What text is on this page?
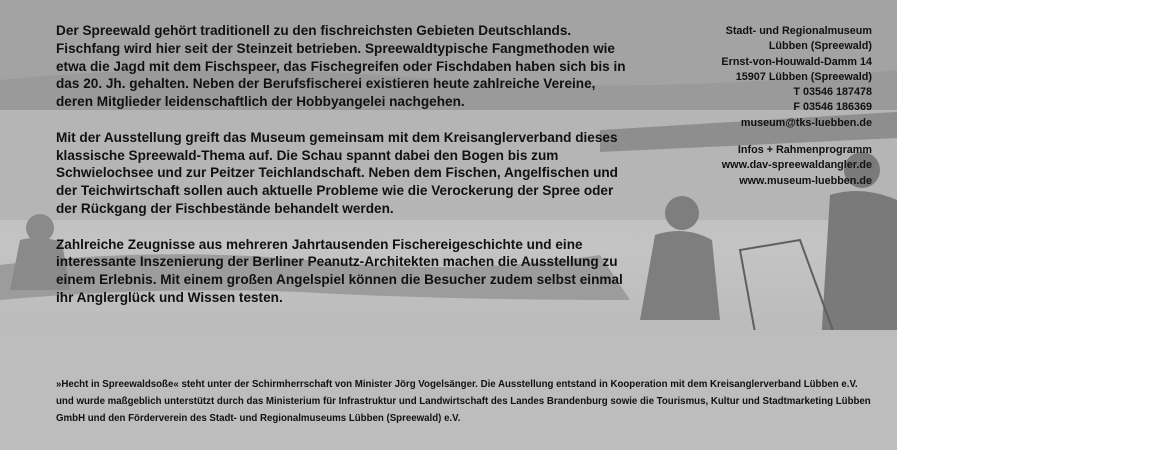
Der Spreewald gehört traditionell zu den fischreichsten Gebieten Deutschlands. Fischfang wird hier seit der Steinzeit betrieben. Spreewaldtypische Fangmethoden wie etwa die Jagd mit dem Fischspeer, das Fischegreifen oder Fischdaben haben sich bis in das 20. Jh. gehalten. Neben der Berufsfischerei existieren heute zahlreiche Vereine, deren Mitglieder leidenschaftlich der Hobbyangelei nachgehen.

Mit der Ausstellung greift das Museum gemeinsam mit dem Kreisanglerverband dieses klassische Spreewald-Thema auf. Die Schau spannt dabei den Bogen bis zum Schwielochsee und zur Peitzer Teichlandschaft. Neben dem Fischen, Angelfischen und der Teichwirtschaft sollen auch aktuelle Probleme wie die Verockerung der Spree oder der Rückgang der Fischbestände behandelt werden.

Zahlreiche Zeugnisse aus mehreren Jahrtausenden Fischereigeschichte und eine interessante Inszenierung der Berliner Peanutz-Architekten machen die Ausstellung zu einem Erlebnis. Mit einem großen Angelspiel können die Besucher zudem selbst einmal ihr Anglerglück und Wissen testen.

Stadt- und Regionalmuseum
Lübben (Spreewald)
Ernst-von-Houwald-Damm 14
15907 Lübben (Spreewald)
T 03546 187478
F 03546 186369
museum@tks-luebben.de
Infos + Rahmenprogramm
www.dav-spreewaldangler.de
www.museum-luebben.de
»Hecht in Spreewaldsoße« steht unter der Schirmherrschaft von Minister Jörg Vogelsänger. Die Ausstellung entstand in Kooperation mit dem Kreisanglerverband Lübben e.V. und wurde maßgeblich unterstützt durch das Ministerium für Infrastruktur und Landwirtschaft des Landes Brandenburg sowie die Tourismus, Kultur und Stadtmarketing Lübben GmbH und den Förderverein des Stadt- und Regionalmuseums Lübben (Spreewald) e.V.
